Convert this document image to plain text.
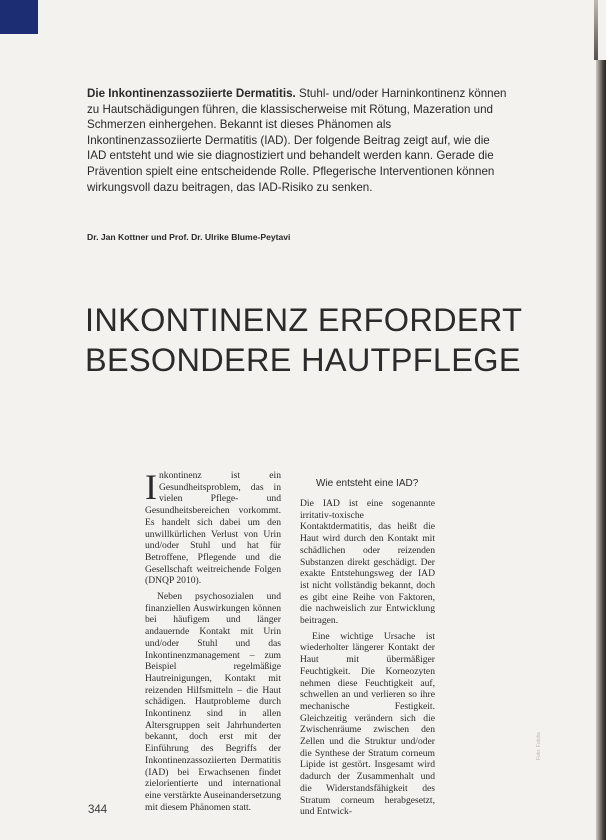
Die Inkontinenzassoziierte Dermatitis. Stuhl- und/oder Harninkontinenz können zu Hautschädigungen führen, die klassischerweise mit Rötung, Mazeration und Schmerzen einhergehen. Bekannt ist dieses Phänomen als Inkontinenzassoziierte Dermatitis (IAD). Der folgende Beitrag zeigt auf, wie die IAD entsteht und wie sie diagnostiziert und behandelt werden kann. Gerade die Prävention spielt eine entscheidende Rolle. Pflegerische Interventionen können wirkungsvoll dazu beitragen, das IAD-Risiko zu senken.
Dr. Jan Kottner und Prof. Dr. Ulrike Blume-Peytavi
INKONTINENZ ERFORDERT
BESONDERE HAUTPFLEGE

Inkontinenz ist ein Gesundheitsproblem, das in vielen Pflege- und Gesundheitsbereichen vorkommt. Es handelt sich dabei um den unwillkürlichen Verlust von Urin und/oder Stuhl und hat für Betroffene, Pflegende und die Gesellschaft weitreichende Folgen (DNQP 2010).

Neben psychosozialen und finanziellen Auswirkungen können bei häufigem und länger andauernde Kontakt mit Urin und/oder Stuhl und das Inkontinenzmanagement – zum Beispiel regelmäßige Hautreinigungen, Kontakt mit reizenden Hilfsmitteln – die Haut schädigen. Hautprobleme durch Inkontinenz sind in allen Altersgruppen seit Jahrhunderten bekannt, doch erst mit der Einführung des Begriffs der Inkontinenzassoziierten Dermatitis (IAD) bei Erwachsenen findet zielorientierte und international eine verstärkte Auseinandersetzung mit diesem Phänomen statt.

Wie entsteht eine IAD?

Die IAD ist eine sogenannte irritativ-toxische Kontaktdermatitis, das heißt die Haut wird durch den Kontakt mit schädlichen oder reizenden Substanzen direkt geschädigt. Der exakte Entstehungsweg der IAD ist nicht vollständig bekannt, doch es gibt eine Reihe von Faktoren, die nachweislich zur Entwicklung beitragen.

Eine wichtige Ursache ist wiederholter längerer Kontakt der Haut mit übermäßiger Feuchtigkeit. Die Korneozyten nehmen diese Feuchtigkeit auf, schwellen an und verlieren so ihre mechanische Festigkeit. Gleichzeitig verändern sich die Zwischenräume zwischen den Zellen und die Struktur und/oder die Synthese der Stratum corneum Lipide ist gestört. Insgesamt wird dadurch der Zusammenhalt und die Widerstandsfähigkeit des Stratum corneum herabgesetzt, und Entwick-

Foto: Fotolia
344
